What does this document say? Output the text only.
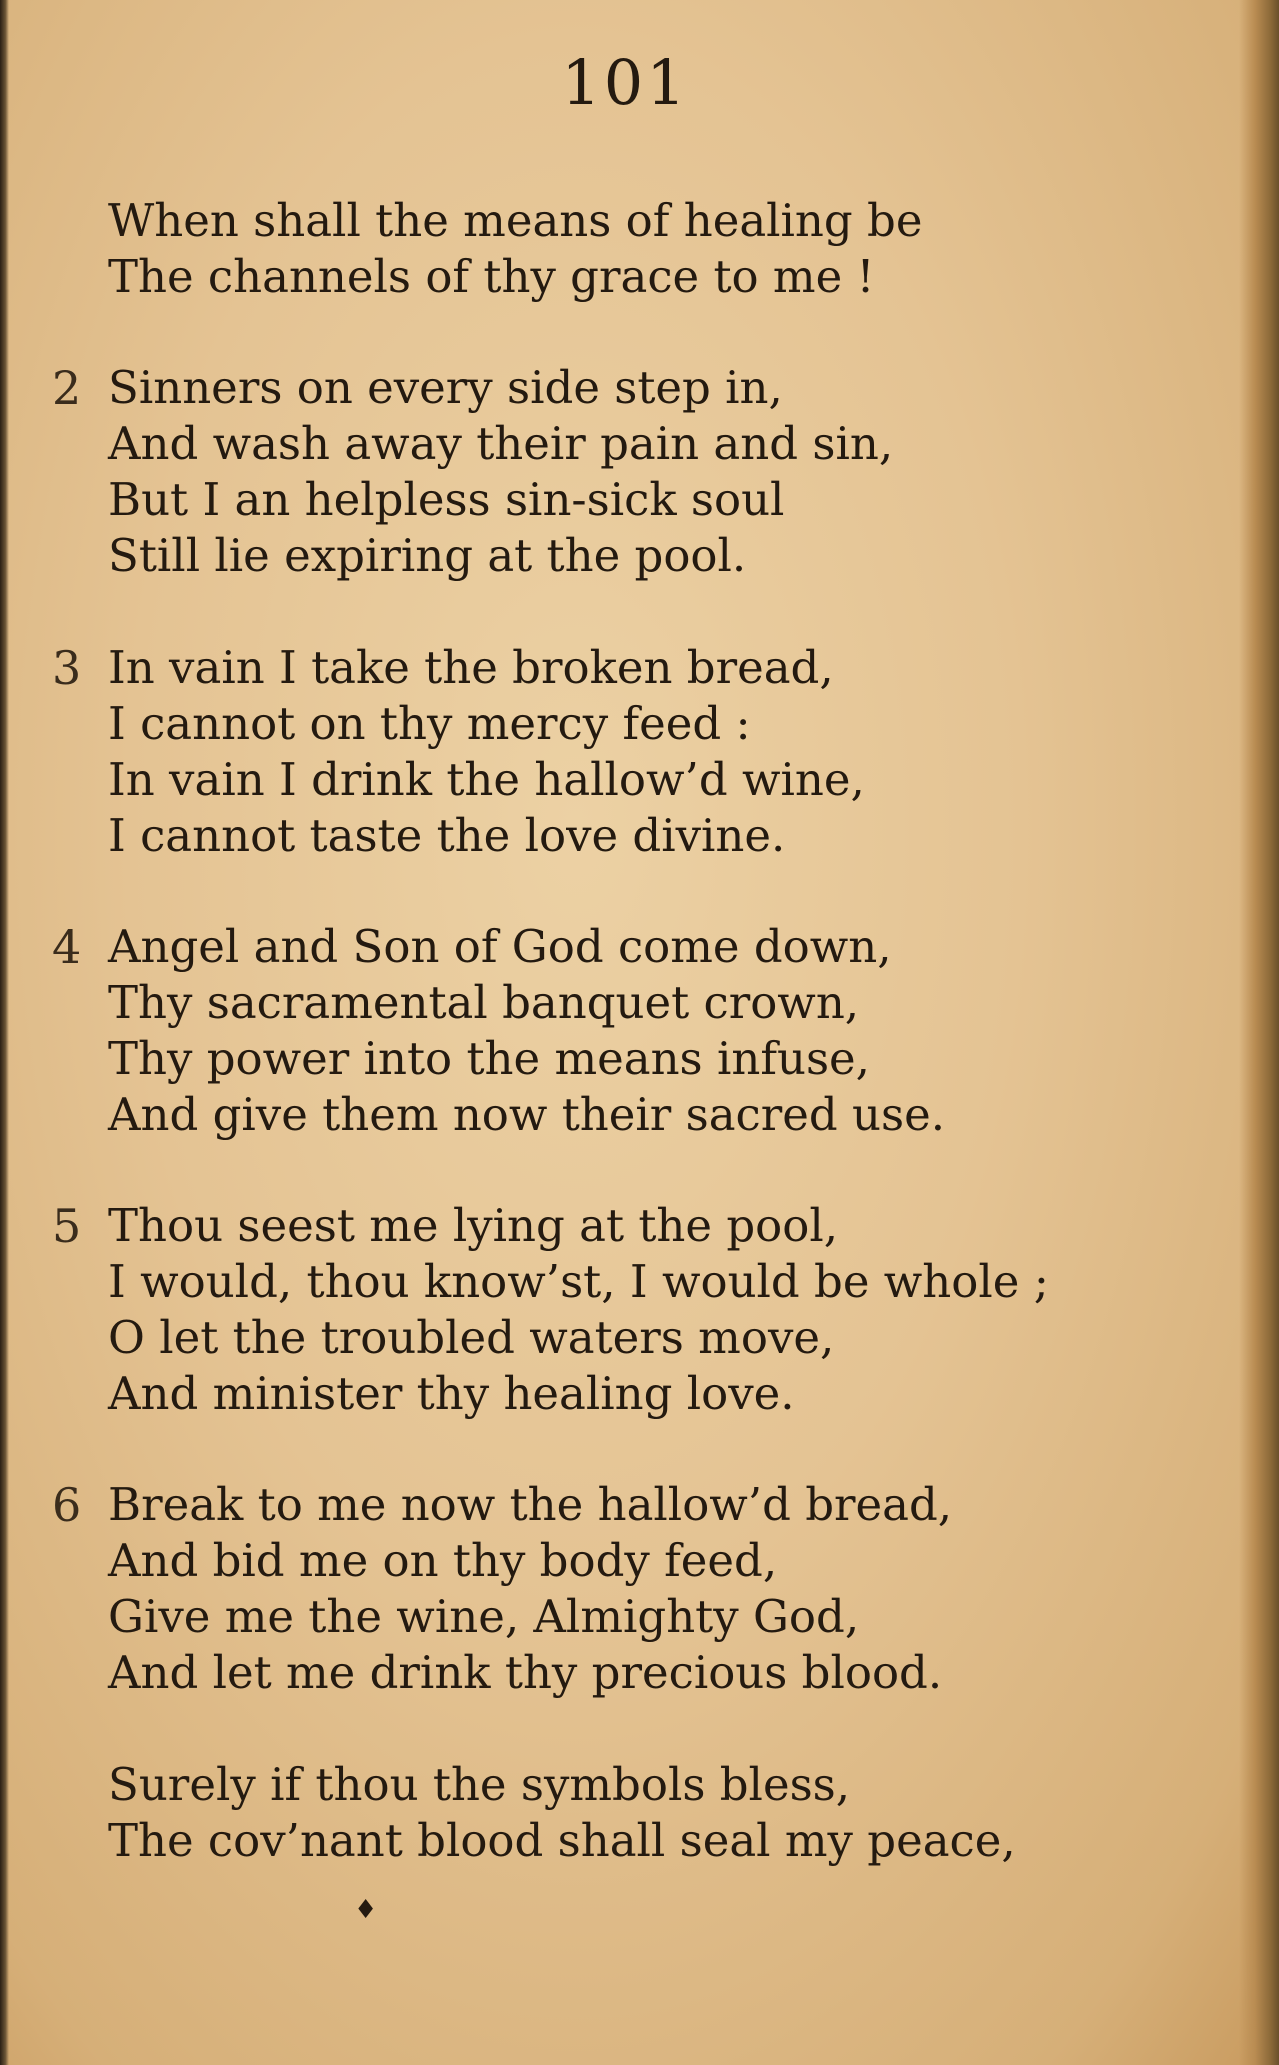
101
When shall the means of healing be
The channels of thy grace to me !
2 Sinners on every side step in,
And wash away their pain and sin,
But I an helpless sin-sick soul
Still lie expiring at the pool.
3 In vain I take the broken bread,
I cannot on thy mercy feed :
In vain I drink the hallow’d wine,
I cannot taste the love divine.
4 Angel and Son of God come down,
Thy sacramental banquet crown,
Thy power into the means infuse,
And give them now their sacred use.
5 Thou seest me lying at the pool,
I would, thou know’st, I would be whole ;
O let the troubled waters move,
And minister thy healing love.
6 Break to me now the hallow’d bread,
And bid me on thy body feed,
Give me the wine, Almighty God,
And let me drink thy precious blood.
Surely if thou the symbols bless,
The cov’nant blood shall seal my peace,
♦
